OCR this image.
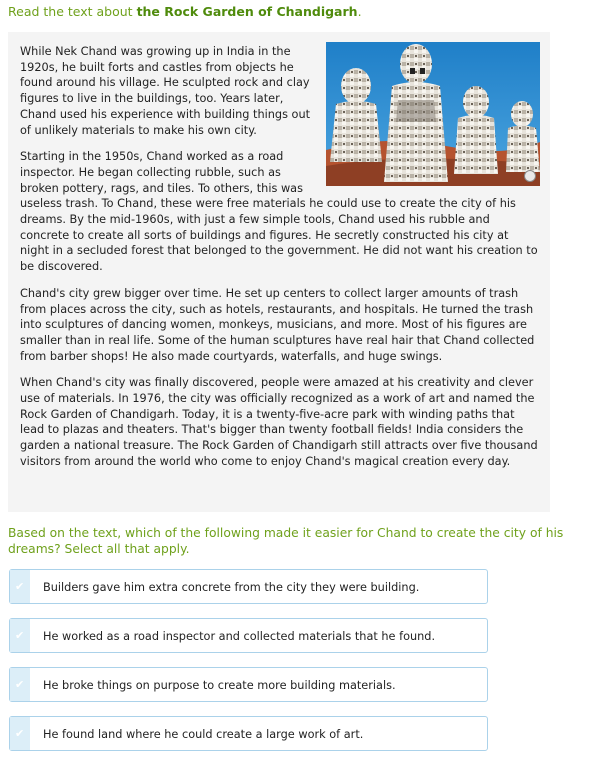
Read the text about the Rock Garden of Chandigarh.

While Nek Chand was growing up in India in the 1920s, he built forts and castles from objects he found around his village. He sculpted rock and clay figures to live in the buildings, too. Years later, Chand used his experience with building things out of unlikely materials to make his own city.

Starting in the 1950s, Chand worked as a road inspector. He began collecting rubble, such as broken pottery, rags, and tiles. To others, this was useless trash. To Chand, these were free materials he could use to create the city of his dreams. By the mid-1960s, with just a few simple tools, Chand used his rubble and concrete to create all sorts of buildings and figures. He secretly constructed his city at night in a secluded forest that belonged to the government. He did not want his creation to be discovered.

Chand's city grew bigger over time. He set up centers to collect larger amounts of trash from places across the city, such as hotels, restaurants, and hospitals. He turned the trash into sculptures of dancing women, monkeys, musicians, and more. Most of his figures are smaller than in real life. Some of the human sculptures have real hair that Chand collected from barber shops! He also made courtyards, waterfalls, and huge swings.

When Chand's city was finally discovered, people were amazed at his creativity and clever use of materials. In 1976, the city was officially recognized as a work of art and named the Rock Garden of Chandigarh. Today, it is a twenty-five-acre park with winding paths that lead to plazas and theaters. That's bigger than twenty football fields! India considers the garden a national treasure. The Rock Garden of Chandigarh still attracts over five thousand visitors from around the world who come to enjoy Chand's magical creation every day.

Based on the text, which of the following made it easier for Chand to create the city of his dreams? Select all that apply.
✔ Builders gave him extra concrete from the city they were building.
✔ He worked as a road inspector and collected materials that he found.
✔ He broke things on purpose to create more building materials.
✔ He found land where he could create a large work of art.
